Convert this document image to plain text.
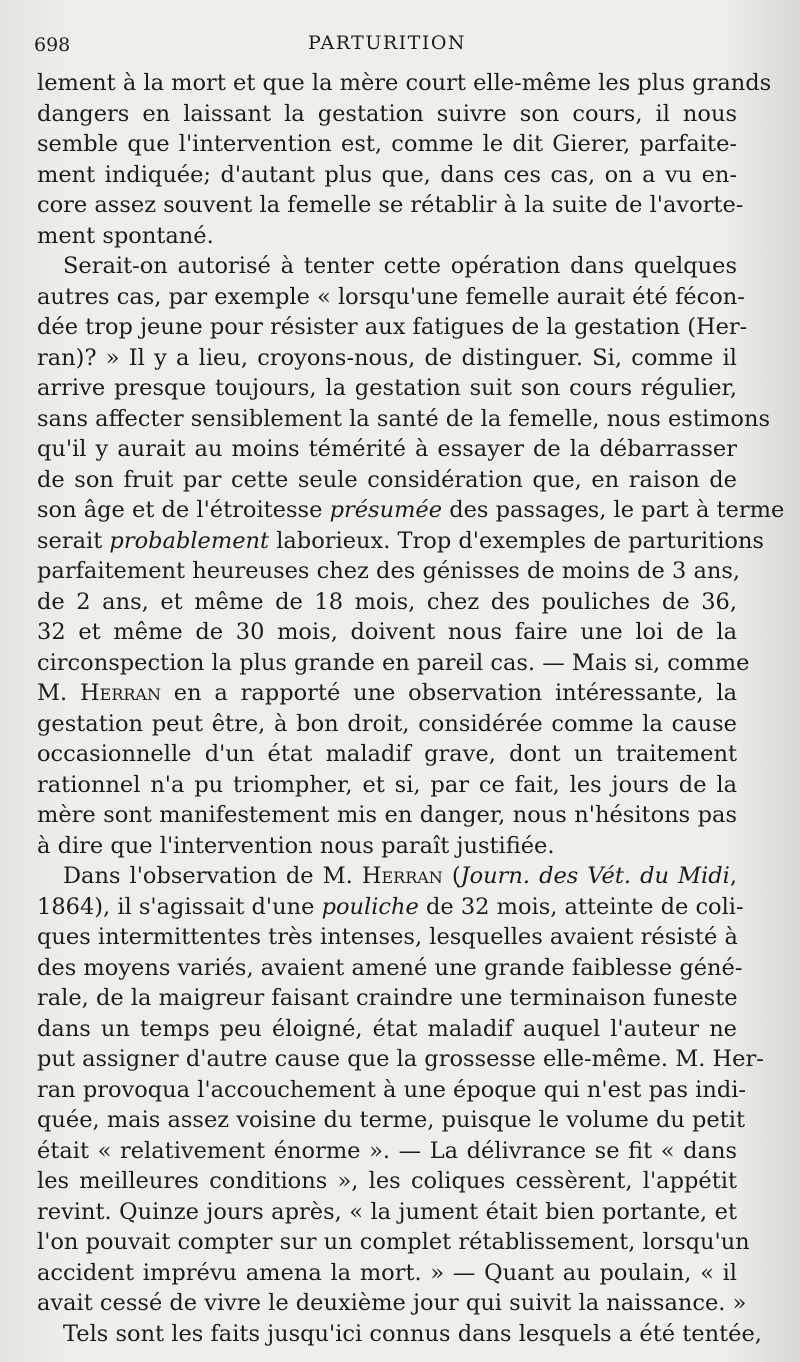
698	PARTURITION
lement à la mort et que la mère court elle-même les plus grands
dangers en laissant la gestation suivre son cours, il nous
semble que l'intervention est, comme le dit Gierer, parfaite-
ment indiquée; d'autant plus que, dans ces cas, on a vu en-
core assez souvent la femelle se rétablir à la suite de l'avorte-
ment spontané.
Serait-on autorisé à tenter cette opération dans quelques
autres cas, par exemple « lorsqu'une femelle aurait été fécon-
dée trop jeune pour résister aux fatigues de la gestation (Her-
ran)? » Il y a lieu, croyons-nous, de distinguer. Si, comme il
arrive presque toujours, la gestation suit son cours régulier,
sans affecter sensiblement la santé de la femelle, nous estimons
qu'il y aurait au moins témérité à essayer de la débarrasser
de son fruit par cette seule considération que, en raison de
son âge et de l'étroitesse présumée des passages, le part à terme
serait probablement laborieux. Trop d'exemples de parturitions
parfaitement heureuses chez des génisses de moins de 3 ans,
de 2 ans, et même de 18 mois, chez des pouliches de 36,
32 et même de 30 mois, doivent nous faire une loi de la
circonspection la plus grande en pareil cas. — Mais si, comme
M. Herran en a rapporté une observation intéressante, la
gestation peut être, à bon droit, considérée comme la cause
occasionnelle d'un état maladif grave, dont un traitement
rationnel n'a pu triompher, et si, par ce fait, les jours de la
mère sont manifestement mis en danger, nous n'hésitons pas
à dire que l'intervention nous paraît justifiée.
Dans l'observation de M. Herran (Journ. des Vét. du Midi,
1864), il s'agissait d'une pouliche de 32 mois, atteinte de coli-
ques intermittentes très intenses, lesquelles avaient résisté à
des moyens variés, avaient amené une grande faiblesse géné-
rale, de la maigreur faisant craindre une terminaison funeste
dans un temps peu éloigné, état maladif auquel l'auteur ne
put assigner d'autre cause que la grossesse elle-même. M. Her-
ran provoqua l'accouchement à une époque qui n'est pas indi-
quée, mais assez voisine du terme, puisque le volume du petit
était « relativement énorme ». — La délivrance se fit « dans
les meilleures conditions », les coliques cessèrent, l'appétit
revint. Quinze jours après, « la jument était bien portante, et
l'on pouvait compter sur un complet rétablissement, lorsqu'un
accident imprévu amena la mort. » — Quant au poulain, « il
avait cessé de vivre le deuxième jour qui suivit la naissance. »
Tels sont les faits jusqu'ici connus dans lesquels a été tentée,
